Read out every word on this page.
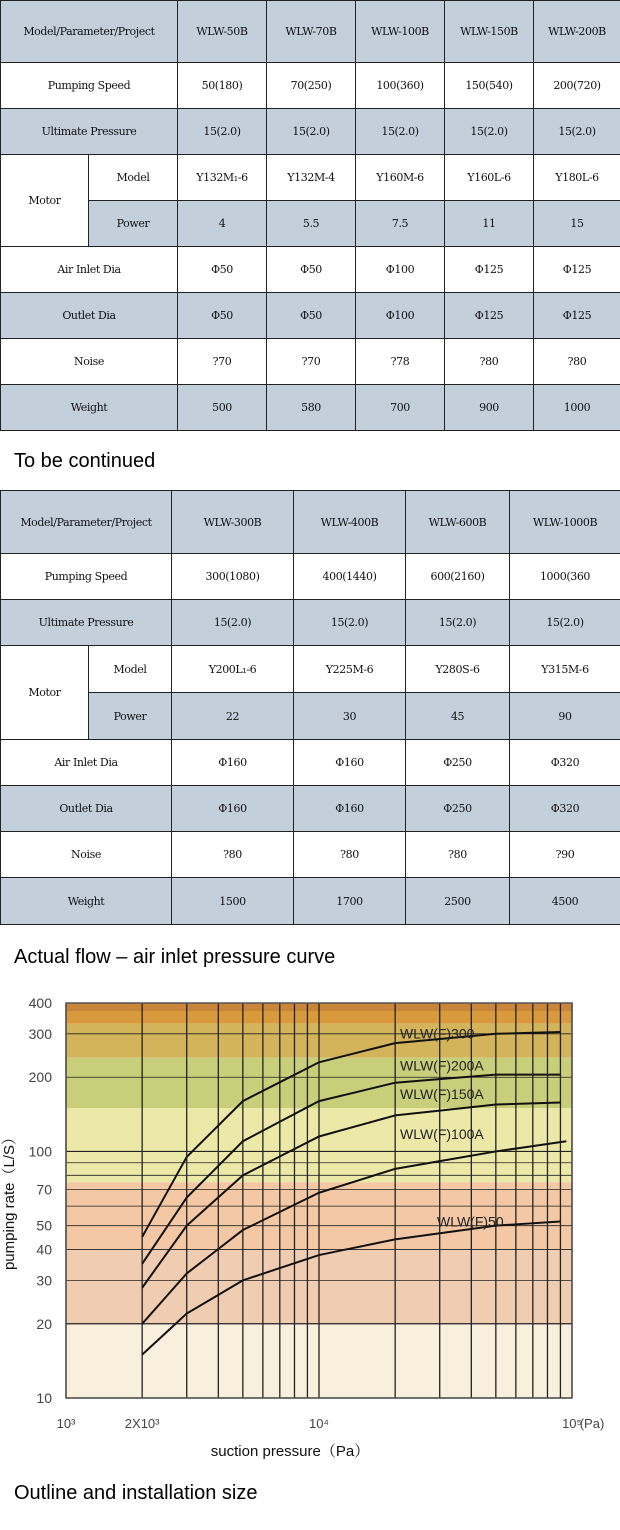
Model/Parameter/Project		WLW-50B	WLW-70B	WLW-100B	WLW-150B	WLW-200B
Pumping Speed		50(180)	70(250)	100(360)	150(540)	200(720)
Ultimate Pressure		15(2.0)	15(2.0)	15(2.0)	15(2.0)	15(2.0)
Motor	Model	Y132M₁-6	Y132M-4	Y160M-6	Y160L-6	Y180L-6
	Power	4	5.5	7.5	11	15
Air Inlet Dia		Φ50	Φ50	Φ100	Φ125	Φ125
Outlet Dia		Φ50	Φ50	Φ100	Φ125	Φ125
Noise		?70	?70	?78	?80	?80
Weight		500	580	700	900	1000
To be continued
Model/Parameter/Project		WLW-300B	WLW-400B	WLW-600B	WLW-1000B
Pumping Speed		300(1080)	400(1440)	600(2160)	1000(360
Ultimate Pressure		15(2.0)	15(2.0)	15(2.0)	15(2.0)
Motor	Model	Y200L₁-6	Y225M-6	Y280S-6	Y315M-6
	Power	22	30	45	90
Air Inlet Dia		Φ160	Φ160	Φ250	Φ320
Outlet Dia		Φ160	Φ160	Φ250	Φ320
Noise		?80	?80	?80	?90
Weight		1500	1700	2500	4500
Actual flow – air inlet pressure curve
10
20
30
40
50
70
100
200
300
400
10³	2X10³	10⁴	10⁵
(Pa)
suction pressure（Pa）
pumping rate（L/S）
WLW(F)300
WLW(F)200A
WLW(F)150A
WLW(F)100A
WLW(F)50
Outline and installation size
